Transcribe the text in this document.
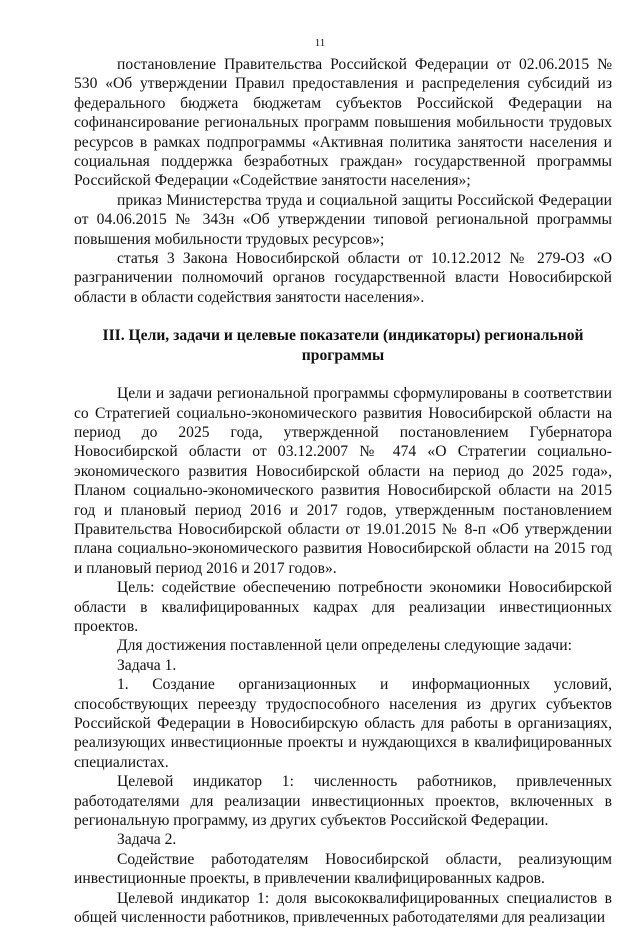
11

постановление Правительства Российской Федерации от 02.06.2015 № 530 «Об утверждении Правил предоставления и распределения субсидий из федерального бюджета бюджетам субъектов Российской Федерации на софинансирование региональных программ повышения мобильности трудовых ресурсов в рамках подпрограммы «Активная политика занятости населения и социальная поддержка безработных граждан» государственной программы Российской Федерации «Содействие занятости населения»;

приказ Министерства труда и социальной защиты Российской Федерации от 04.06.2015 № 343н «Об утверждении типовой региональной программы повышения мобильности трудовых ресурсов»;

статья 3 Закона Новосибирской области от 10.12.2012 № 279-ОЗ «О разграничении полномочий органов государственной власти Новосибирской области в области содействия занятости населения».

III. Цели, задачи и целевые показатели (индикаторы) региональной программы

Цели и задачи региональной программы сформулированы в соответствии со Стратегией социально-экономического развития Новосибирской области на период до 2025 года, утвержденной постановлением Губернатора Новосибирской области от 03.12.2007 № 474 «О Стратегии социально-экономического развития Новосибирской области на период до 2025 года», Планом социально-экономического развития Новосибирской области на 2015 год и плановый период 2016 и 2017 годов, утвержденным постановлением Правительства Новосибирской области от 19.01.2015 № 8-п «Об утверждении плана социально-экономического развития Новосибирской области на 2015 год и плановый период 2016 и 2017 годов».

Цель: содействие обеспечению потребности экономики Новосибирской области в квалифицированных кадрах для реализации инвестиционных проектов.

Для достижения поставленной цели определены следующие задачи:

Задача 1.

1. Создание организационных и информационных условий, способствующих переезду трудоспособного населения из других субъектов Российской Федерации в Новосибирскую область для работы в организациях, реализующих инвестиционные проекты и нуждающихся в квалифицированных специалистах.

Целевой индикатор 1: численность работников, привлеченных работодателями для реализации инвестиционных проектов, включенных в региональную программу, из других субъектов Российской Федерации.

Задача 2.

Содействие работодателям Новосибирской области, реализующим инвестиционные проекты, в привлечении квалифицированных кадров.

Целевой индикатор 1: доля высококвалифицированных специалистов в общей численности работников, привлеченных работодателями для реализации
